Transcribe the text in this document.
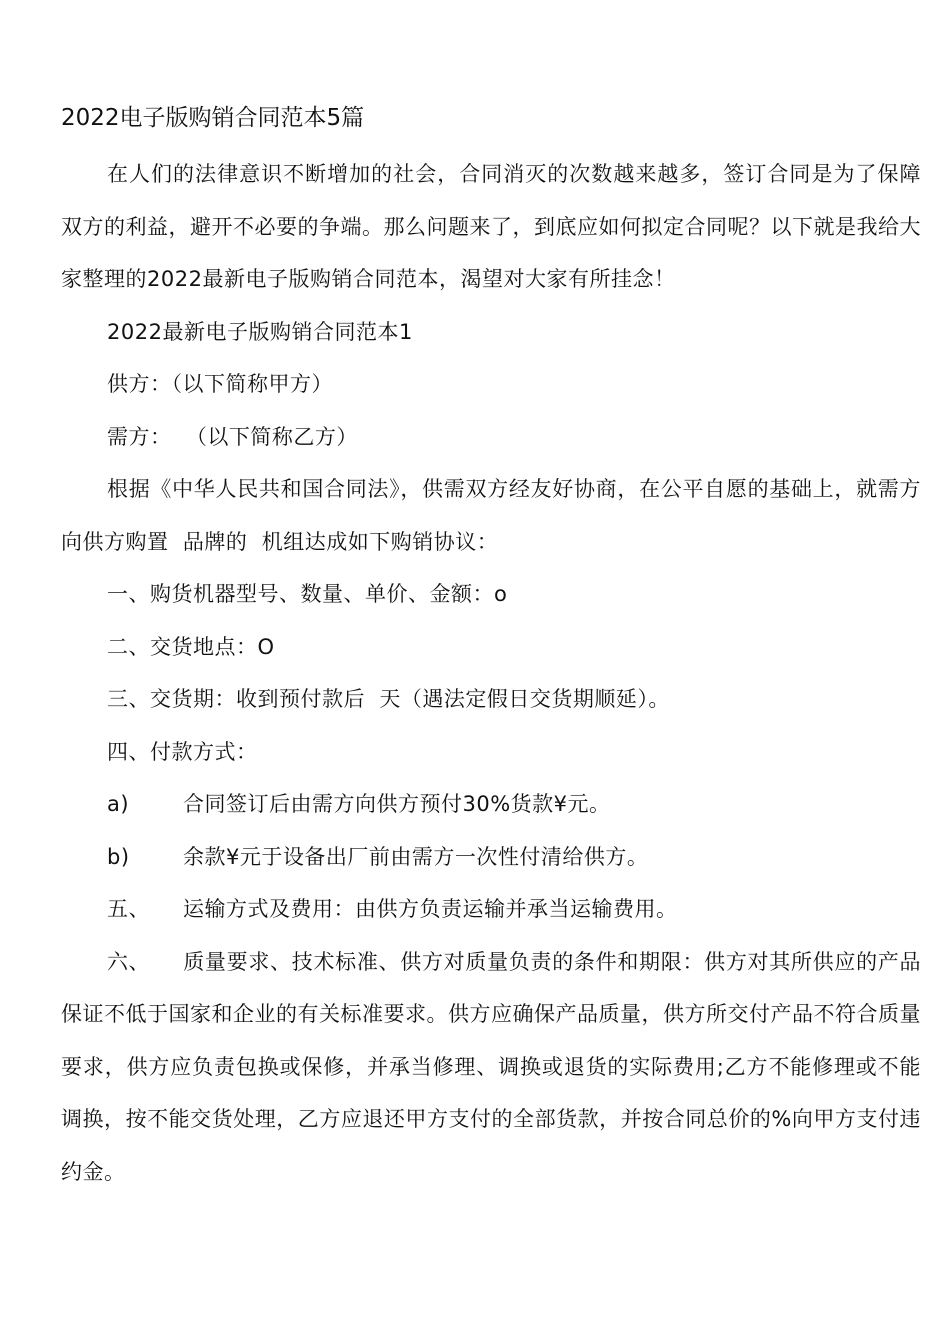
2022电子版购销合同范本5篇

在人们的法律意识不断增加的社会，合同消灭的次数越来越多，签订合同是为了保障双方的利益，避开不必要的争端。那么问题来了，到底应如何拟定合同呢？以下就是我给大家整理的2022最新电子版购销合同范本，渴望对大家有所挂念！

2022最新电子版购销合同范本1

供方：（以下简称甲方）

需方：  （以下简称乙方）

根据《中华人民共和国合同法》，供需双方经友好协商，在公平自愿的基础上，就需方向供方购置  品牌的  机组达成如下购销协议：

一、购货机器型号、数量、单价、金额：o

二、交货地点：O

三、交货期：收到预付款后  天（遇法定假日交货期顺延）。

四、付款方式：

a)	合同签订后由需方向供方预付30%货款¥元。
b)	余款¥元于设备出厂前由需方一次性付清给供方。
五、	运输方式及费用：由供方负责运输并承当运输费用。

六、 质量要求、技术标准、供方对质量负责的条件和期限：供方对其所供应的产品保证不低于国家和企业的有关标准要求。供方应确保产品质量，供方所交付产品不符合质量要求，供方应负责包换或保修，并承当修理、调换或退货的实际费用;乙方不能修理或不能调换，按不能交货处理，乙方应退还甲方支付的全部货款，并按合同总价的%向甲方支付违约金。
